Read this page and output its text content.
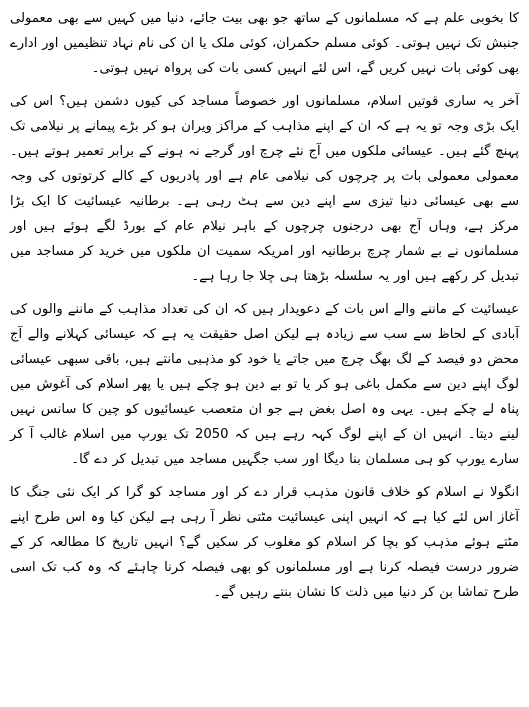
کا بخوبی علم ہے کہ مسلمانوں کے ساتھ جو بھی بیت جائے، دنیا میں کہیں سے بھی معمولی جنبش تک نہیں ہوتی۔ کوئی مسلم حکمران، کوئی ملک یا ان کی نام نہاد تنظیمیں اور ادارے بھی کوئی بات نہیں کریں گے، اس لئے انہیں کسی بات کی پرواہ نہیں ہوتی۔

آخر یہ ساری قوتیں اسلام، مسلمانوں اور خصوصاً مساجد کی کیوں دشمن ہیں؟ اس کی ایک بڑی وجہ تو یہ ہے کہ ان کے اپنے مذاہب کے مراکز ویران ہو کر بڑے پیمانے پر نیلامی تک پہنچ گئے ہیں۔ عیسائی ملکوں میں آج نئے چرچ اور گرجے نہ ہونے کے برابر تعمیر ہوتے ہیں۔ معمولی معمولی بات پر چرچوں کی نیلامی عام ہے اور پادریوں کے کالے کرتوتوں کی وجہ سے بھی عیسائی دنیا تیزی سے اپنے دین سے ہٹ رہی ہے۔ برطانیہ عیسائیت کا ایک بڑا مرکز ہے، وہاں آج بھی درجنوں چرچوں کے باہر نیلام عام کے بورڈ لگے ہوئے ہیں اور مسلمانوں نے بے شمار چرچ برطانیہ اور امریکہ سمیت ان ملکوں میں خرید کر مساجد میں تبدیل کر رکھے ہیں اور یہ سلسلہ بڑھتا ہی چلا جا رہا ہے۔

عیسائیت کے ماننے والے اس بات کے دعویدار ہیں کہ ان کی تعداد مذاہب کے ماننے والوں کی آبادی کے لحاظ سے سب سے زیادہ ہے لیکن اصل حقیقت یہ ہے کہ عیسائی کہلانے والے آج محض دو فیصد کے لگ بھگ چرچ میں جاتے یا خود کو مذہبی مانتے ہیں، باقی سبھی عیسائی لوگ اپنے دین سے مکمل باغی ہو کر یا تو بے دین ہو چکے ہیں یا پھر اسلام کی آغوش میں پناہ لے چکے ہیں۔ یہی وہ اصل بغض ہے جو ان متعصب عیسائیوں کو چین کا سانس نہیں لینے دیتا۔ انہیں ان کے اپنے لوگ کہہ رہے ہیں کہ 2050 تک یورپ میں اسلام غالب آ کر سارے یورپ کو ہی مسلمان بنا دیگا اور سب جگہیں مساجد میں تبدیل کر دے گا۔

انگولا نے اسلام کو خلاف قانون مذہب قرار دے کر اور مساجد کو گرا کر ایک نئی جنگ کا آغاز اس لئے کیا ہے کہ انہیں اپنی عیسائیت مٹتی نظر آ رہی ہے لیکن کیا وہ اس طرح اپنے مٹتے ہوئے مذہب کو بچا کر اسلام کو مغلوب کر سکیں گے؟ انہیں تاریخ کا مطالعہ کر کے ضرور درست فیصلہ کرنا ہے اور مسلمانوں کو بھی فیصلہ کرنا چاہئے کہ وہ کب تک اسی طرح تماشا بن کر دنیا میں ذلت کا نشان بنتے رہیں گے۔
